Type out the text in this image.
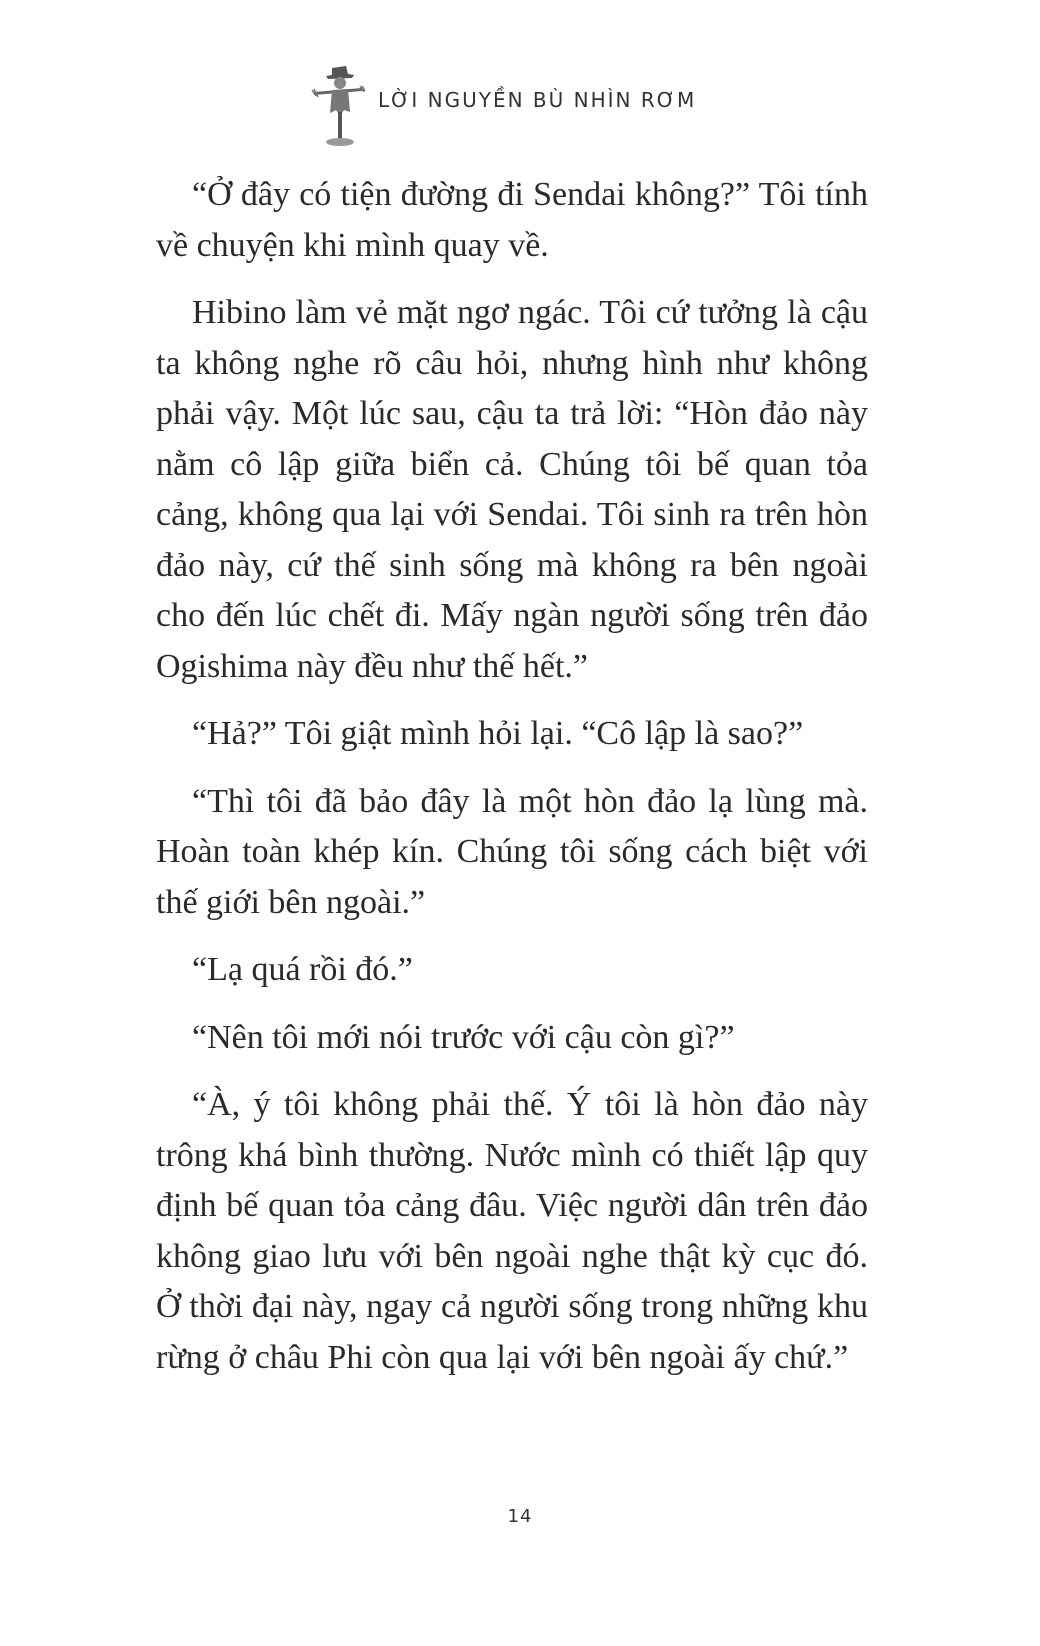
LỜI NGUYỀN BÙ NHÌN RƠM

“Ở đây có tiện đường đi Sendai không?” Tôi tính về chuyện khi mình quay về.

Hibino làm vẻ mặt ngơ ngác. Tôi cứ tưởng là cậu ta không nghe rõ câu hỏi, nhưng hình như không phải vậy. Một lúc sau, cậu ta trả lời: “Hòn đảo này nằm cô lập giữa biển cả. Chúng tôi bế quan tỏa cảng, không qua lại với Sendai. Tôi sinh ra trên hòn đảo này, cứ thế sinh sống mà không ra bên ngoài cho đến lúc chết đi. Mấy ngàn người sống trên đảo Ogishima này đều như thế hết.”

“Hả?” Tôi giật mình hỏi lại. “Cô lập là sao?”

“Thì tôi đã bảo đây là một hòn đảo lạ lùng mà. Hoàn toàn khép kín. Chúng tôi sống cách biệt với thế giới bên ngoài.”

“Lạ quá rồi đó.”

“Nên tôi mới nói trước với cậu còn gì?”

“À, ý tôi không phải thế. Ý tôi là hòn đảo này trông khá bình thường. Nước mình có thiết lập quy định bế quan tỏa cảng đâu. Việc người dân trên đảo không giao lưu với bên ngoài nghe thật kỳ cục đó. Ở thời đại này, ngay cả người sống trong những khu rừng ở châu Phi còn qua lại với bên ngoài ấy chứ.”

14
